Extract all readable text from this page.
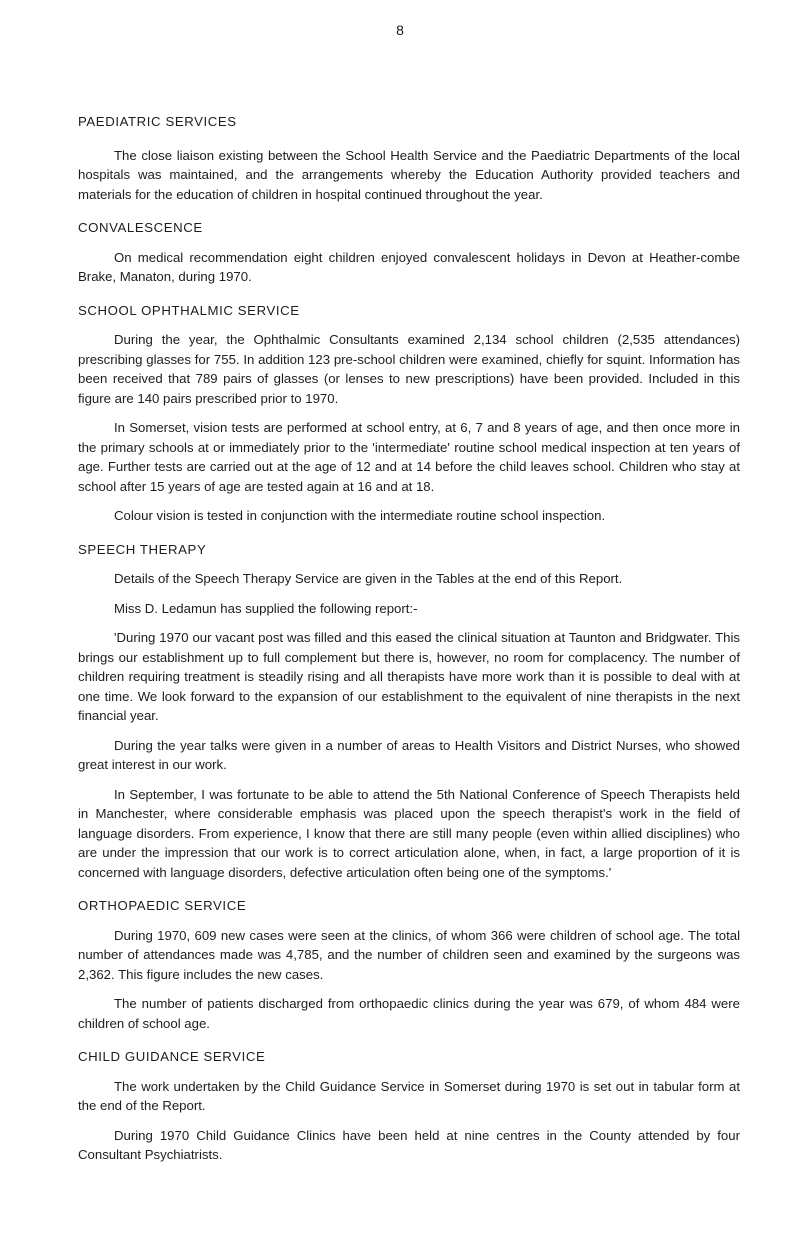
8
PAEDIATRIC SERVICES

The close liaison existing between the School Health Service and the Paediatric Departments of the local hospitals was maintained, and the arrangements whereby the Education Authority provided teachers and materials for the education of children in hospital continued throughout the year.

CONVALESCENCE

On medical recommendation eight children enjoyed convalescent holidays in Devon at Heather-combe Brake, Manaton, during 1970.

SCHOOL OPHTHALMIC SERVICE

During the year, the Ophthalmic Consultants examined 2,134 school children (2,535 attendances) prescribing glasses for 755. In addition 123 pre-school children were examined, chiefly for squint. Information has been received that 789 pairs of glasses (or lenses to new prescriptions) have been provided. Included in this figure are 140 pairs prescribed prior to 1970.

In Somerset, vision tests are performed at school entry, at 6, 7 and 8 years of age, and then once more in the primary schools at or immediately prior to the 'intermediate' routine school medical inspection at ten years of age. Further tests are carried out at the age of 12 and at 14 before the child leaves school. Children who stay at school after 15 years of age are tested again at 16 and at 18.

Colour vision is tested in conjunction with the intermediate routine school inspection.

SPEECH THERAPY

Details of the Speech Therapy Service are given in the Tables at the end of this Report.

Miss D. Ledamun has supplied the following report:-

'During 1970 our vacant post was filled and this eased the clinical situation at Taunton and Bridgwater. This brings our establishment up to full complement but there is, however, no room for complacency. The number of children requiring treatment is steadily rising and all therapists have more work than it is possible to deal with at one time. We look forward to the expansion of our establishment to the equivalent of nine therapists in the next financial year.

During the year talks were given in a number of areas to Health Visitors and District Nurses, who showed great interest in our work.

In September, I was fortunate to be able to attend the 5th National Conference of Speech Therapists held in Manchester, where considerable emphasis was placed upon the speech therapist's work in the field of language disorders. From experience, I know that there are still many people (even within allied disciplines) who are under the impression that our work is to correct articulation alone, when, in fact, a large proportion of it is concerned with language disorders, defective articulation often being one of the symptoms.'

ORTHOPAEDIC SERVICE

During 1970, 609 new cases were seen at the clinics, of whom 366 were children of school age. The total number of attendances made was 4,785, and the number of children seen and examined by the surgeons was 2,362. This figure includes the new cases.

The number of patients discharged from orthopaedic clinics during the year was 679, of whom 484 were children of school age.

CHILD GUIDANCE SERVICE

The work undertaken by the Child Guidance Service in Somerset during 1970 is set out in tabular form at the end of the Report.

During 1970 Child Guidance Clinics have been held at nine centres in the County attended by four Consultant Psychiatrists.
